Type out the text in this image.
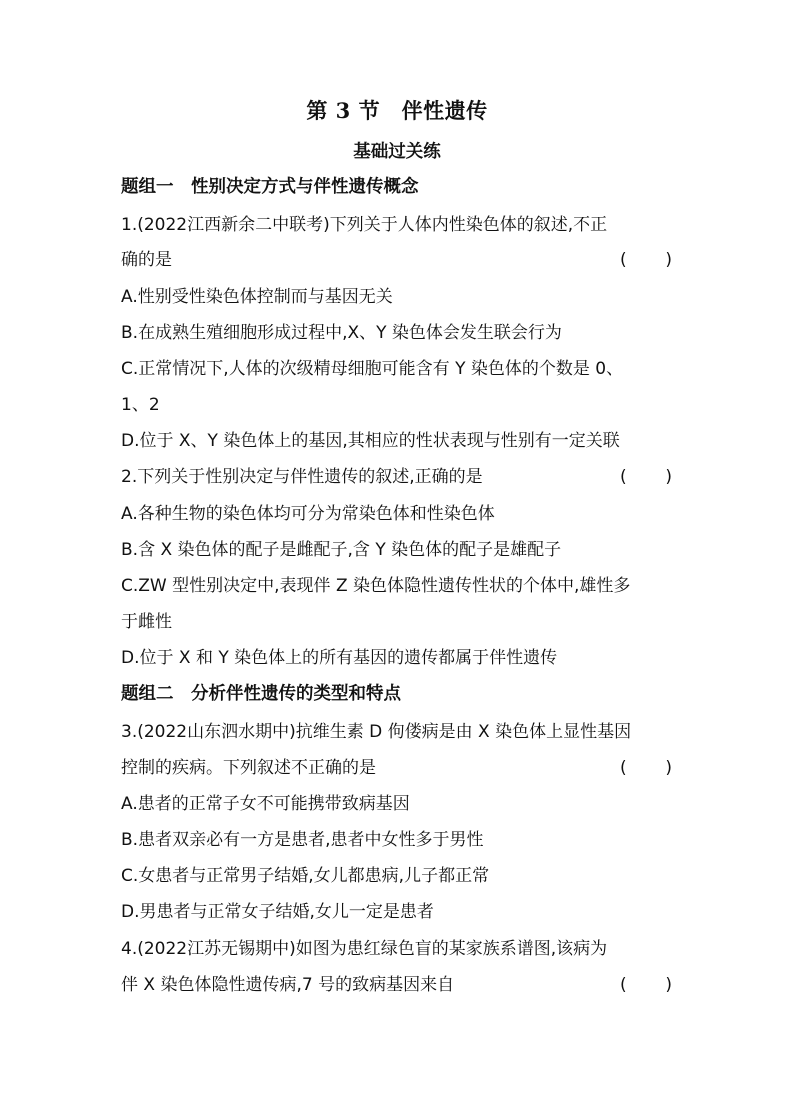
第 3 节　伴性遗传
基础过关练
题组一　性别决定方式与伴性遗传概念
1.(2022江西新余二中联考)下列关于人体内性染色体的叙述,不正
确的是	( )
A.性别受性染色体控制而与基因无关
B.在成熟生殖细胞形成过程中,X、Y 染色体会发生联会行为
C.正常情况下,人体的次级精母细胞可能含有 Y 染色体的个数是 0、
1、2
D.位于 X、Y 染色体上的基因,其相应的性状表现与性别有一定关联
2.下列关于性别决定与伴性遗传的叙述,正确的是	( )
A.各种生物的染色体均可分为常染色体和性染色体
B.含 X 染色体的配子是雌配子,含 Y 染色体的配子是雄配子
C.ZW 型性别决定中,表现伴 Z 染色体隐性遗传性状的个体中,雄性多
于雌性
D.位于 X 和 Y 染色体上的所有基因的遗传都属于伴性遗传
题组二　分析伴性遗传的类型和特点
3.(2022山东泗水期中)抗维生素 D 佝偻病是由 X 染色体上显性基因
控制的疾病。下列叙述不正确的是	( )
A.患者的正常子女不可能携带致病基因
B.患者双亲必有一方是患者,患者中女性多于男性
C.女患者与正常男子结婚,女儿都患病,儿子都正常
D.男患者与正常女子结婚,女儿一定是患者
4.(2022江苏无锡期中)如图为患红绿色盲的某家族系谱图,该病为
伴 X 染色体隐性遗传病,7 号的致病基因来自	( )
